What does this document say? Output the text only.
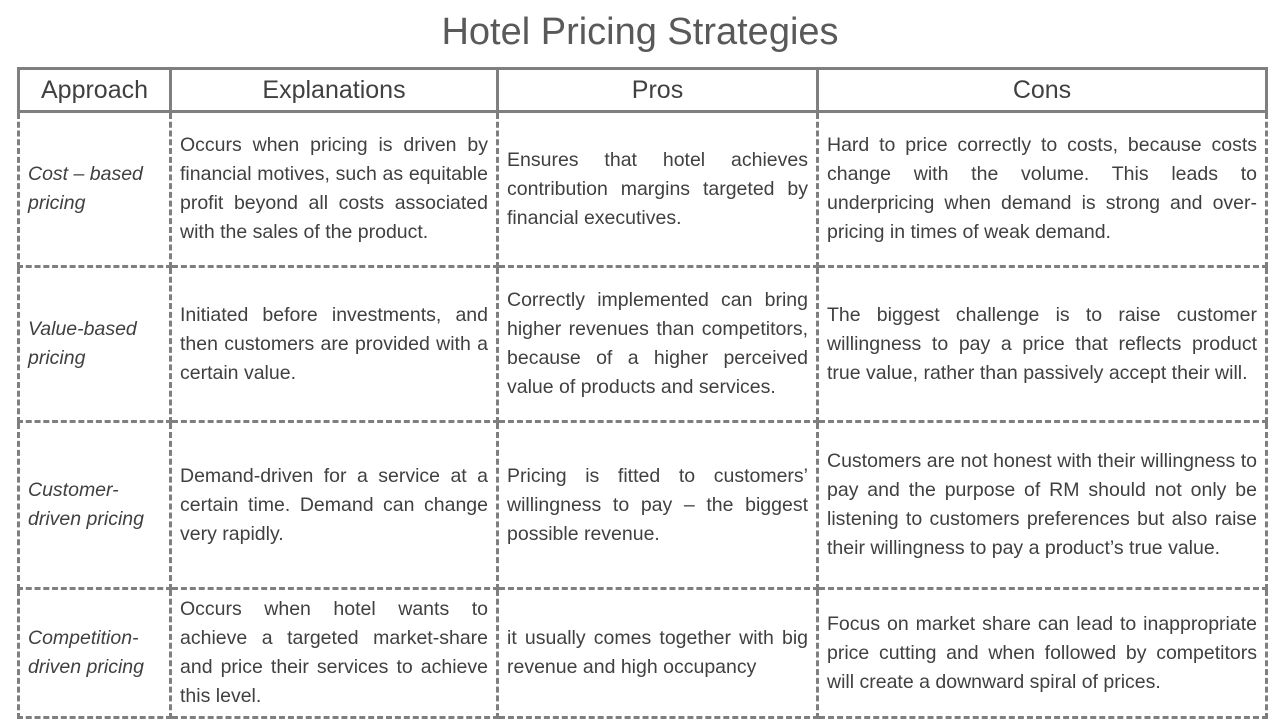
Hotel Pricing Strategies
Approach	Explanations	Pros	Cons
Cost – based pricing	Occurs when pricing is driven by financial motives, such as equitable profit beyond all costs associated with the sales of the product.	Ensures that hotel achieves contribution margins targeted by financial executives.	Hard to price correctly to costs, because costs change with the volume. This leads to underpricing when demand is strong and over-pricing in times of weak demand.
Value-based pricing	Initiated before investments, and then customers are provided with a certain value.	Correctly implemented can bring higher revenues than competitors, because of a higher perceived value of products and services.	The biggest challenge is to raise customer willingness to pay a price that reflects product true value, rather than passively accept their will.
Customer-driven pricing	Demand-driven for a service at a certain time. Demand can change very rapidly.	Pricing is fitted to customers’ willingness to pay – the biggest possible revenue.	Customers are not honest with their willingness to pay and the purpose of RM should not only be listening to customers preferences but also raise their willingness to pay a product’s true value.
Competition-driven pricing	Occurs when hotel wants to achieve a targeted market-share and price their services to achieve this level.	it usually comes together with big revenue and high occupancy	Focus on market share can lead to inappropriate price cutting and when followed by competitors will create a downward spiral of prices.
